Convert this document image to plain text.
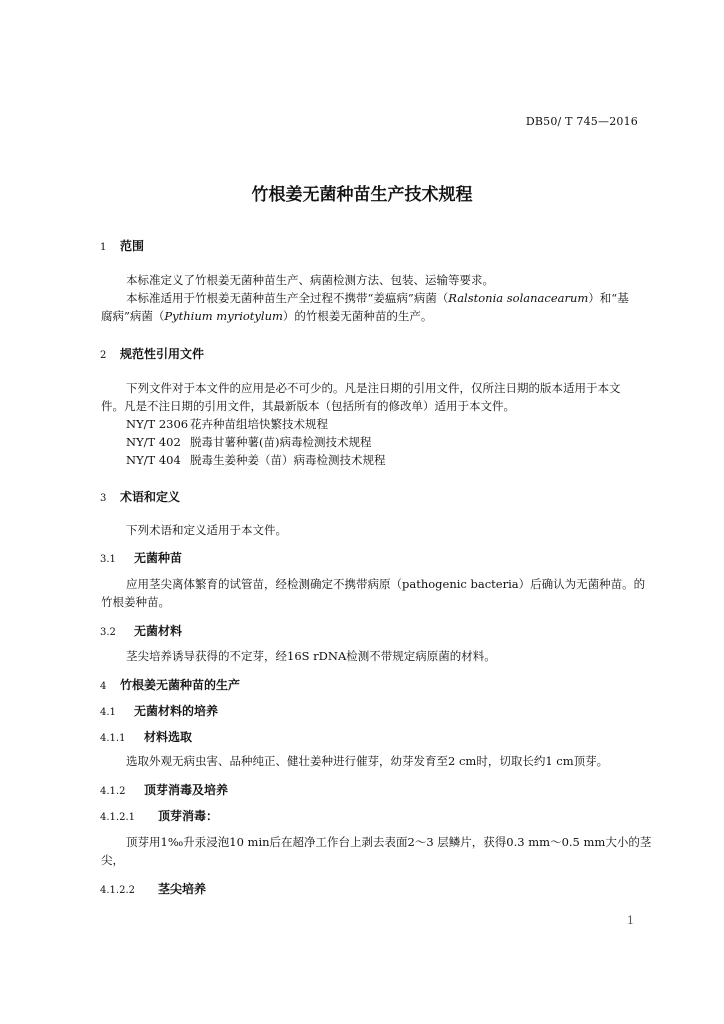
DB50/ T 745—2016
竹根姜无菌种苗生产技术规程
1 范围
本标准定义了竹根姜无菌种苗生产、病菌检测方法、包装、运输等要求。
本标准适用于竹根姜无菌种苗生产全过程不携带“姜瘟病”病菌（Ralstonia solanacearum）和“基
腐病”病菌（Pythium myriotylum）的竹根姜无菌种苗的生产。
2 规范性引用文件
下列文件对于本文件的应用是必不可少的。凡是注日期的引用文件，仅所注日期的版本适用于本文
件。凡是不注日期的引用文件，其最新版本（包括所有的修改单）适用于本文件。
NY/T 2306 花卉种苗组培快繁技术规程
NY/T 402 脱毒甘薯种薯(苗)病毒检测技术规程
NY/T 404 脱毒生姜种姜（苗）病毒检测技术规程
3 术语和定义
下列术语和定义适用于本文件。
3.1 无菌种苗
应用茎尖离体繁育的试管苗，经检测确定不携带病原（pathogenic bacteria）后确认为无菌种苗。的
竹根姜种苗。
3.2 无菌材料
茎尖培养诱导获得的不定芽，经16S rDNA检测不带规定病原菌的材料。
4 竹根姜无菌种苗的生产
4.1 无菌材料的培养
4.1.1 材料选取
选取外观无病虫害、品种纯正、健壮姜种进行催芽，幼芽发育至2 cm时，切取长约1 cm顶芽。
4.1.2 顶芽消毒及培养
4.1.2.1 顶芽消毒：
顶芽用1‰升汞浸泡10 min后在超净工作台上剥去表面2～3 层鳞片，获得0.3 mm～0.5 mm大小的茎
尖，
4.1.2.2 茎尖培养
1
